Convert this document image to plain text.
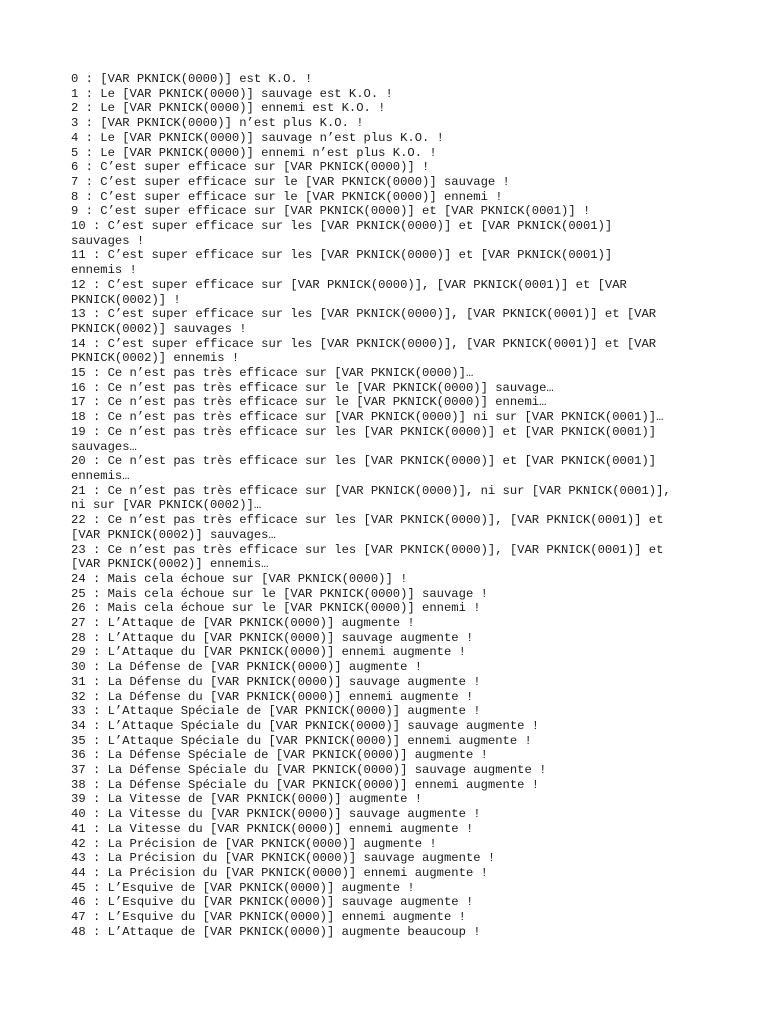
0 : [VAR PKNICK(0000)] est K.O. !
1 : Le [VAR PKNICK(0000)] sauvage est K.O. !
2 : Le [VAR PKNICK(0000)] ennemi est K.O. !
3 : [VAR PKNICK(0000)] n’est plus K.O. !
4 : Le [VAR PKNICK(0000)] sauvage n’est plus K.O. !
5 : Le [VAR PKNICK(0000)] ennemi n’est plus K.O. !
6 : C’est super efficace sur [VAR PKNICK(0000)] !
7 : C’est super efficace sur le [VAR PKNICK(0000)] sauvage !
8 : C’est super efficace sur le [VAR PKNICK(0000)] ennemi !
9 : C’est super efficace sur [VAR PKNICK(0000)] et [VAR PKNICK(0001)] !
10 : C’est super efficace sur les [VAR PKNICK(0000)] et [VAR PKNICK(0001)]
sauvages !
11 : C’est super efficace sur les [VAR PKNICK(0000)] et [VAR PKNICK(0001)]
ennemis !
12 : C’est super efficace sur [VAR PKNICK(0000)], [VAR PKNICK(0001)] et [VAR
PKNICK(0002)] !
13 : C’est super efficace sur les [VAR PKNICK(0000)], [VAR PKNICK(0001)] et [VAR
PKNICK(0002)] sauvages !
14 : C’est super efficace sur les [VAR PKNICK(0000)], [VAR PKNICK(0001)] et [VAR
PKNICK(0002)] ennemis !
15 : Ce n’est pas très efficace sur [VAR PKNICK(0000)]…
16 : Ce n’est pas très efficace sur le [VAR PKNICK(0000)] sauvage…
17 : Ce n’est pas très efficace sur le [VAR PKNICK(0000)] ennemi…
18 : Ce n’est pas très efficace sur [VAR PKNICK(0000)] ni sur [VAR PKNICK(0001)]…
19 : Ce n’est pas très efficace sur les [VAR PKNICK(0000)] et [VAR PKNICK(0001)]
sauvages…
20 : Ce n’est pas très efficace sur les [VAR PKNICK(0000)] et [VAR PKNICK(0001)]
ennemis…
21 : Ce n’est pas très efficace sur [VAR PKNICK(0000)], ni sur [VAR PKNICK(0001)],
ni sur [VAR PKNICK(0002)]…
22 : Ce n’est pas très efficace sur les [VAR PKNICK(0000)], [VAR PKNICK(0001)] et
[VAR PKNICK(0002)] sauvages…
23 : Ce n’est pas très efficace sur les [VAR PKNICK(0000)], [VAR PKNICK(0001)] et
[VAR PKNICK(0002)] ennemis…
24 : Mais cela échoue sur [VAR PKNICK(0000)] !
25 : Mais cela échoue sur le [VAR PKNICK(0000)] sauvage !
26 : Mais cela échoue sur le [VAR PKNICK(0000)] ennemi !
27 : L’Attaque de [VAR PKNICK(0000)] augmente !
28 : L’Attaque du [VAR PKNICK(0000)] sauvage augmente !
29 : L’Attaque du [VAR PKNICK(0000)] ennemi augmente !
30 : La Défense de [VAR PKNICK(0000)] augmente !
31 : La Défense du [VAR PKNICK(0000)] sauvage augmente !
32 : La Défense du [VAR PKNICK(0000)] ennemi augmente !
33 : L’Attaque Spéciale de [VAR PKNICK(0000)] augmente !
34 : L’Attaque Spéciale du [VAR PKNICK(0000)] sauvage augmente !
35 : L’Attaque Spéciale du [VAR PKNICK(0000)] ennemi augmente !
36 : La Défense Spéciale de [VAR PKNICK(0000)] augmente !
37 : La Défense Spéciale du [VAR PKNICK(0000)] sauvage augmente !
38 : La Défense Spéciale du [VAR PKNICK(0000)] ennemi augmente !
39 : La Vitesse de [VAR PKNICK(0000)] augmente !
40 : La Vitesse du [VAR PKNICK(0000)] sauvage augmente !
41 : La Vitesse du [VAR PKNICK(0000)] ennemi augmente !
42 : La Précision de [VAR PKNICK(0000)] augmente !
43 : La Précision du [VAR PKNICK(0000)] sauvage augmente !
44 : La Précision du [VAR PKNICK(0000)] ennemi augmente !
45 : L’Esquive de [VAR PKNICK(0000)] augmente !
46 : L’Esquive du [VAR PKNICK(0000)] sauvage augmente !
47 : L’Esquive du [VAR PKNICK(0000)] ennemi augmente !
48 : L’Attaque de [VAR PKNICK(0000)] augmente beaucoup !
